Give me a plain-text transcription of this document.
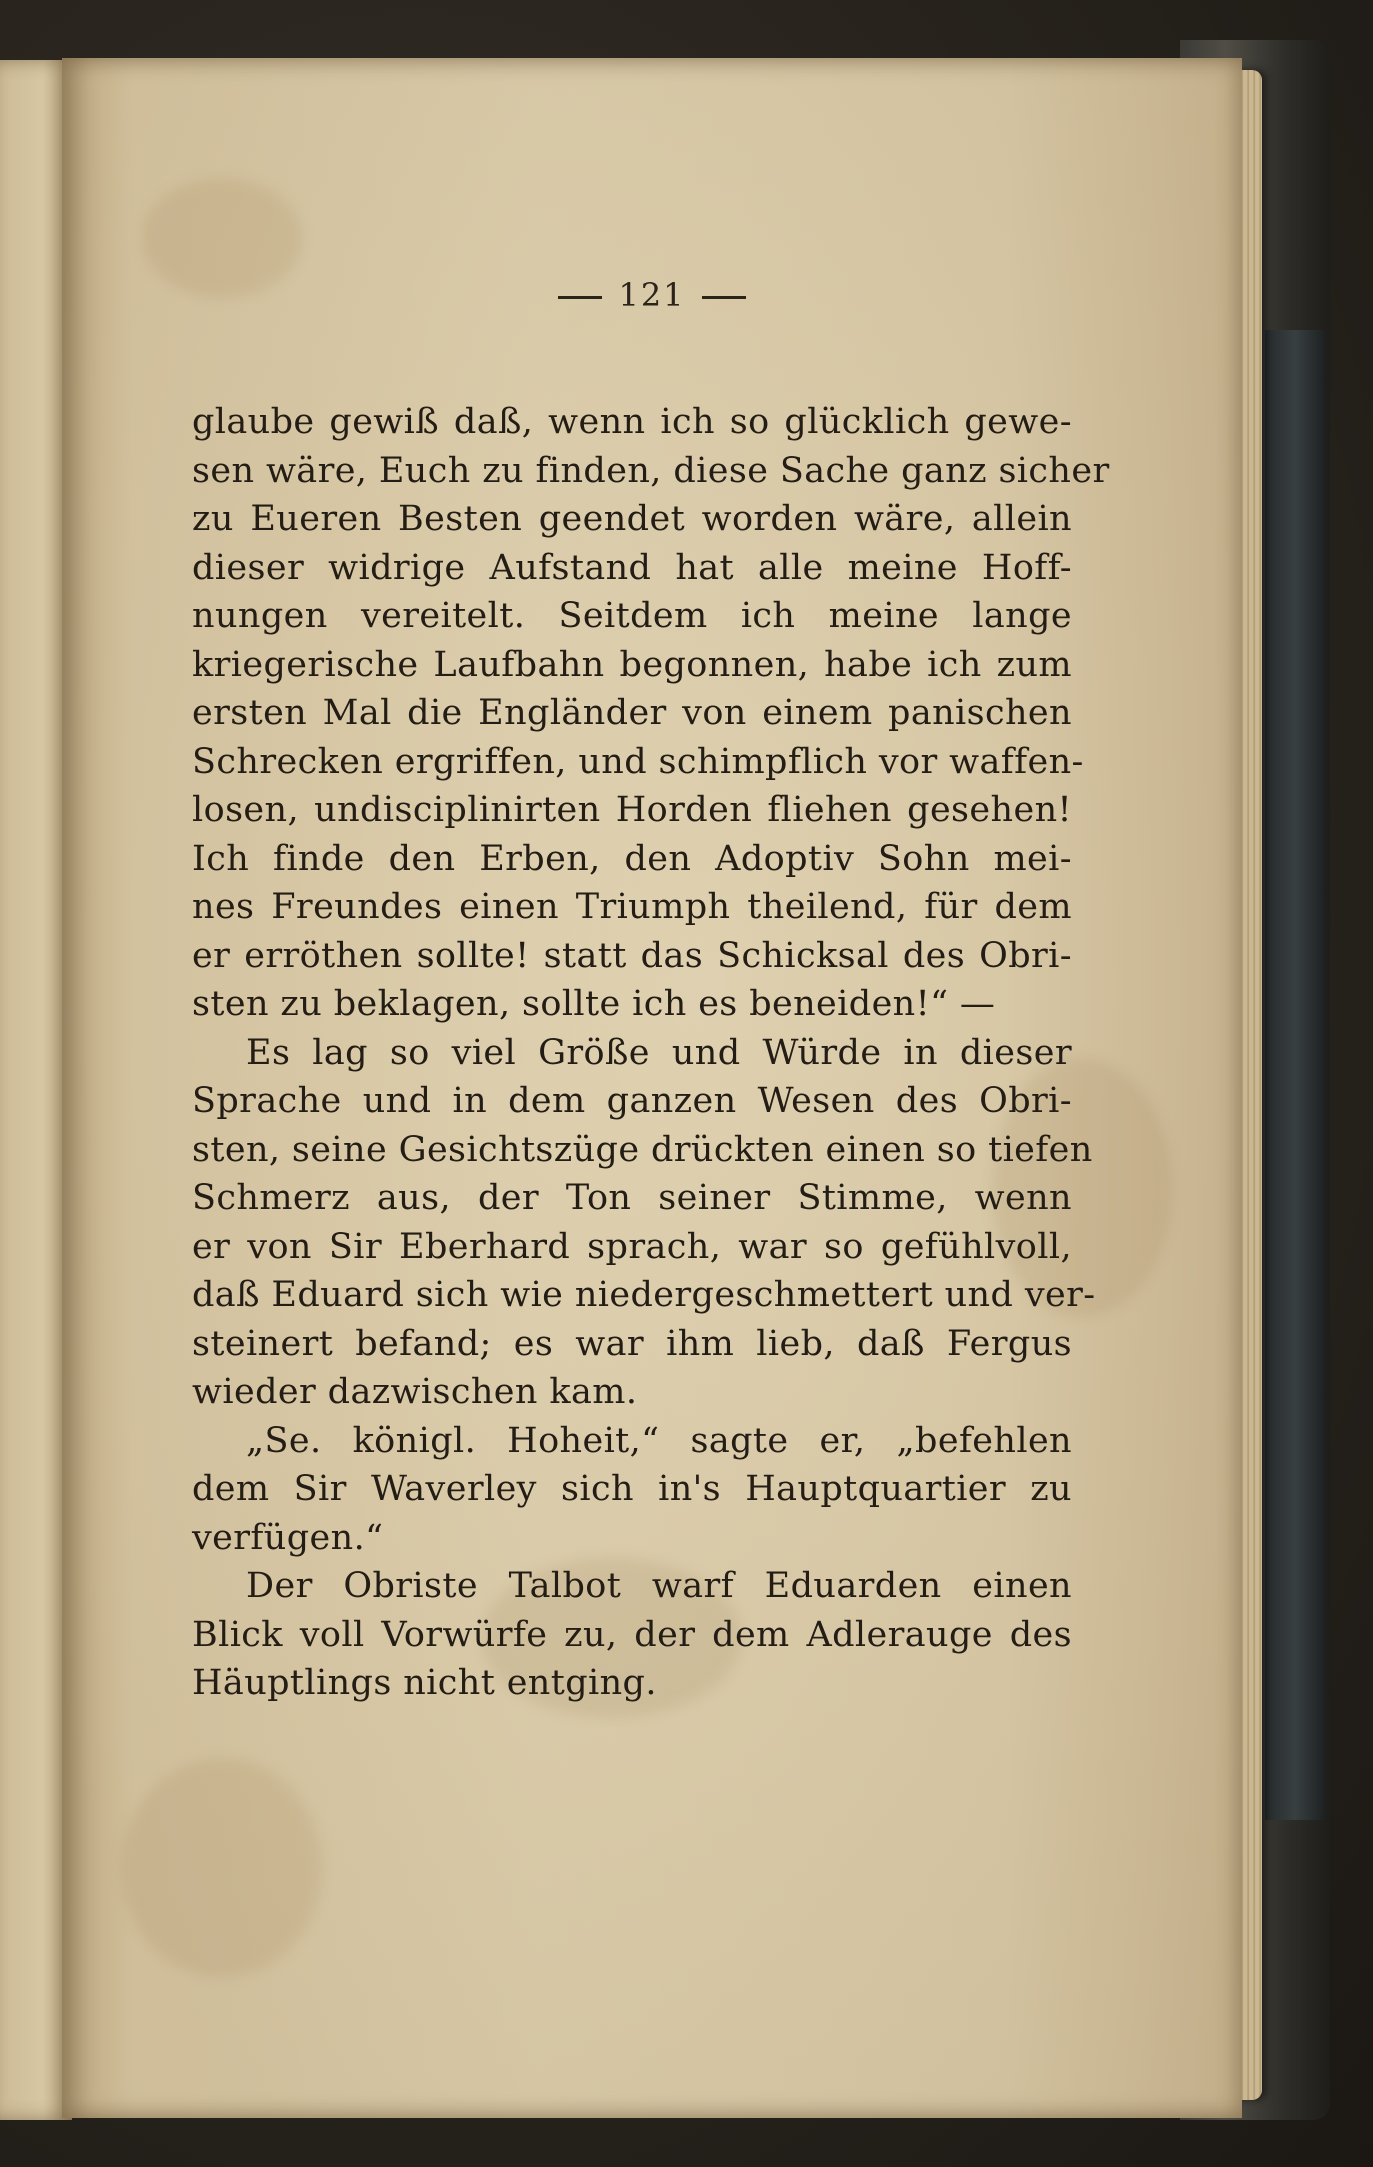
121
glaube gewiß daß, wenn ich so glücklich gewe-
sen wäre, Euch zu finden, diese Sache ganz sicher
zu Eueren Besten geendet worden wäre, allein
dieser widrige Aufstand hat alle meine Hoff-
nungen vereitelt. Seitdem ich meine lange
kriegerische Laufbahn begonnen, habe ich zum
ersten Mal die Engländer von einem panischen
Schrecken ergriffen, und schimpflich vor waffen-
losen, undisciplinirten Horden fliehen gesehen!
Ich finde den Erben, den Adoptiv Sohn mei-
nes Freundes einen Triumph theilend, für dem
er erröthen sollte! statt das Schicksal des Obri-
sten zu beklagen, sollte ich es beneiden!“ —
Es lag so viel Größe und Würde in dieser
Sprache und in dem ganzen Wesen des Obri-
sten, seine Gesichtszüge drückten einen so tiefen
Schmerz aus, der Ton seiner Stimme, wenn
er von Sir Eberhard sprach, war so gefühlvoll,
daß Eduard sich wie niedergeschmettert und ver-
steinert befand; es war ihm lieb, daß Fergus
wieder dazwischen kam.
„Se. königl. Hoheit,“ sagte er, „befehlen
dem Sir Waverley sich in's Hauptquartier zu
verfügen.“
Der Obriste Talbot warf Eduarden einen
Blick voll Vorwürfe zu, der dem Adlerauge des
Häuptlings nicht entging.
